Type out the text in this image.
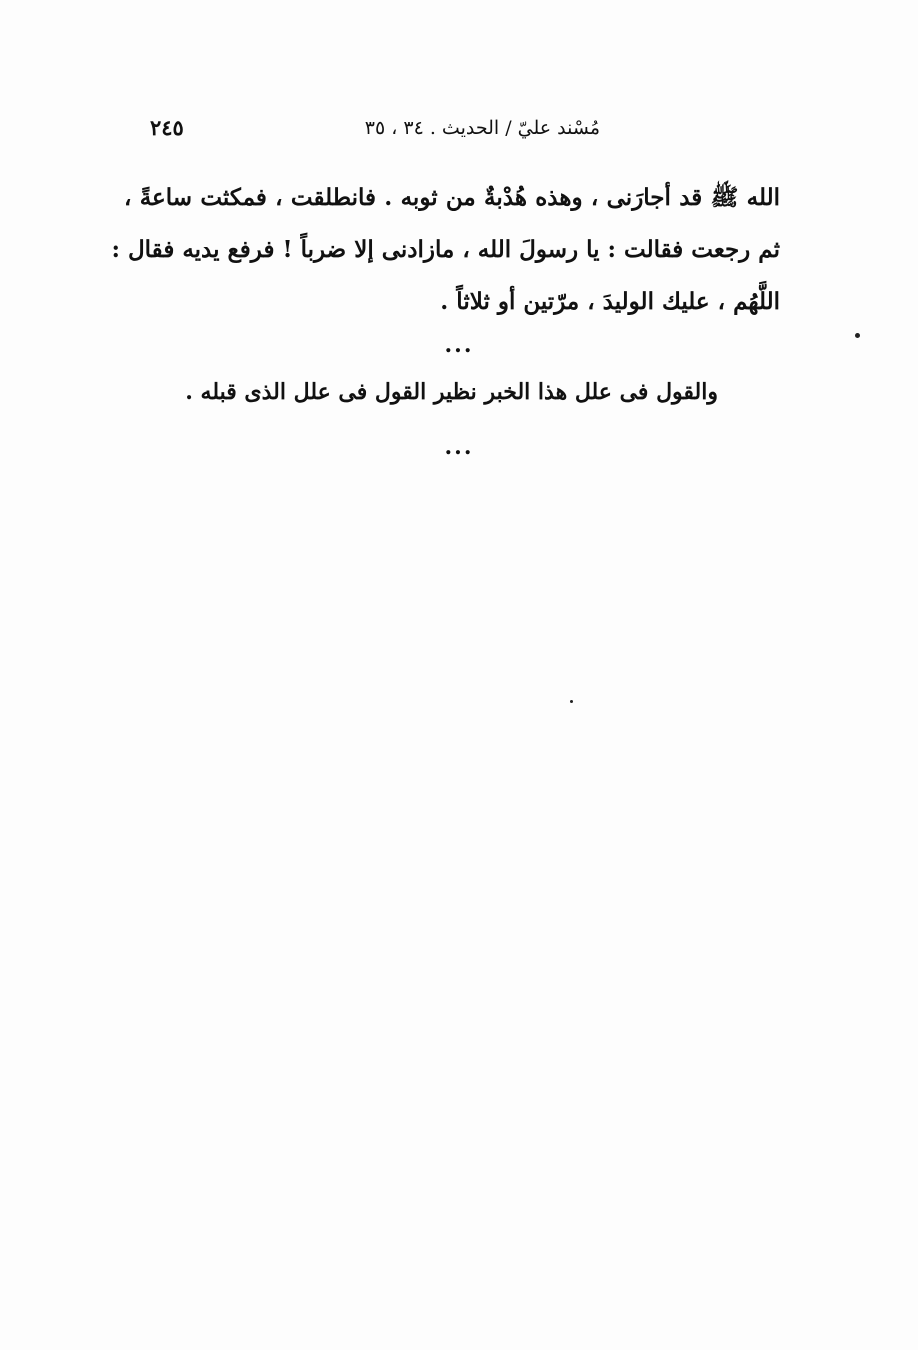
مُسْند عليّ / الحديث . ٣٤ ، ٣٥
٢٤٥
الله ﷺ قد أجارَنى ، وهذه هُدْبةٌ من ثوبه . فانطلقت ، فمكثت ساعةً ،
ثم رجعت فقالت : يا رسولَ الله ، مازادنى إلا ضرباً ! فرفع يديه فقال :
اللَّهُم ، عليك الوليدَ ، مرّتين أو ثلاثاً .
...
والقول فى علل هذا الخبر نظير القول فى علل الذى قبله .
...
